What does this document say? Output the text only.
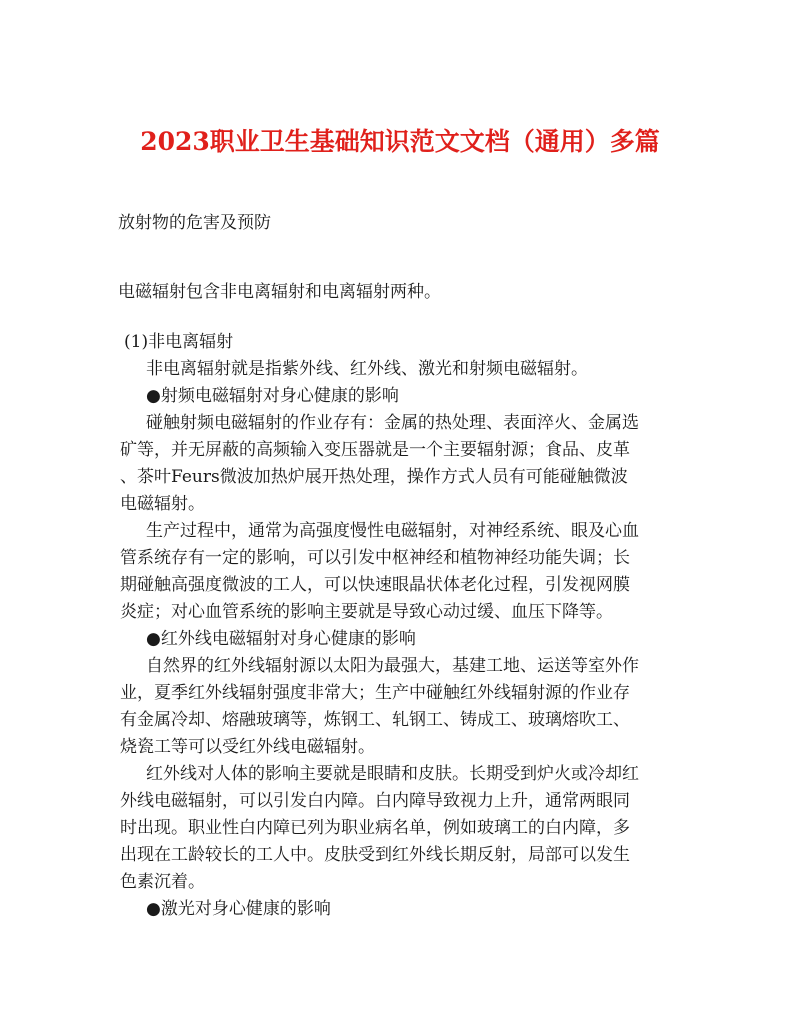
2023职业卫生基础知识范文文档（通用）多篇
放射物的危害及预防
电磁辐射包含非电离辐射和电离辐射两种。
(1)非电离辐射
非电离辐射就是指紫外线、红外线、激光和射频电磁辐射。
●射频电磁辐射对身心健康的影响
碰触射频电磁辐射的作业存有：金属的热处理、表面淬火、金属选
矿等，并无屏蔽的高频输入变压器就是一个主要辐射源；食品、皮革
、茶叶Feurs微波加热炉展开热处理，操作方式人员有可能碰触微波
电磁辐射。
生产过程中，通常为高强度慢性电磁辐射，对神经系统、眼及心血
管系统存有一定的影响，可以引发中枢神经和植物神经功能失调；长
期碰触高强度微波的工人，可以快速眼晶状体老化过程，引发视网膜
炎症；对心血管系统的影响主要就是导致心动过缓、血压下降等。
●红外线电磁辐射对身心健康的影响
自然界的红外线辐射源以太阳为最强大，基建工地、运送等室外作
业，夏季红外线辐射强度非常大；生产中碰触红外线辐射源的作业存
有金属冷却、熔融玻璃等，炼钢工、轧钢工、铸成工、玻璃熔吹工、
烧瓷工等可以受红外线电磁辐射。
红外线对人体的影响主要就是眼睛和皮肤。长期受到炉火或冷却红
外线电磁辐射，可以引发白内障。白内障导致视力上升，通常两眼同
时出现。职业性白内障已列为职业病名单，例如玻璃工的白内障，多
出现在工龄较长的工人中。皮肤受到红外线长期反射，局部可以发生
色素沉着。
●激光对身心健康的影响
